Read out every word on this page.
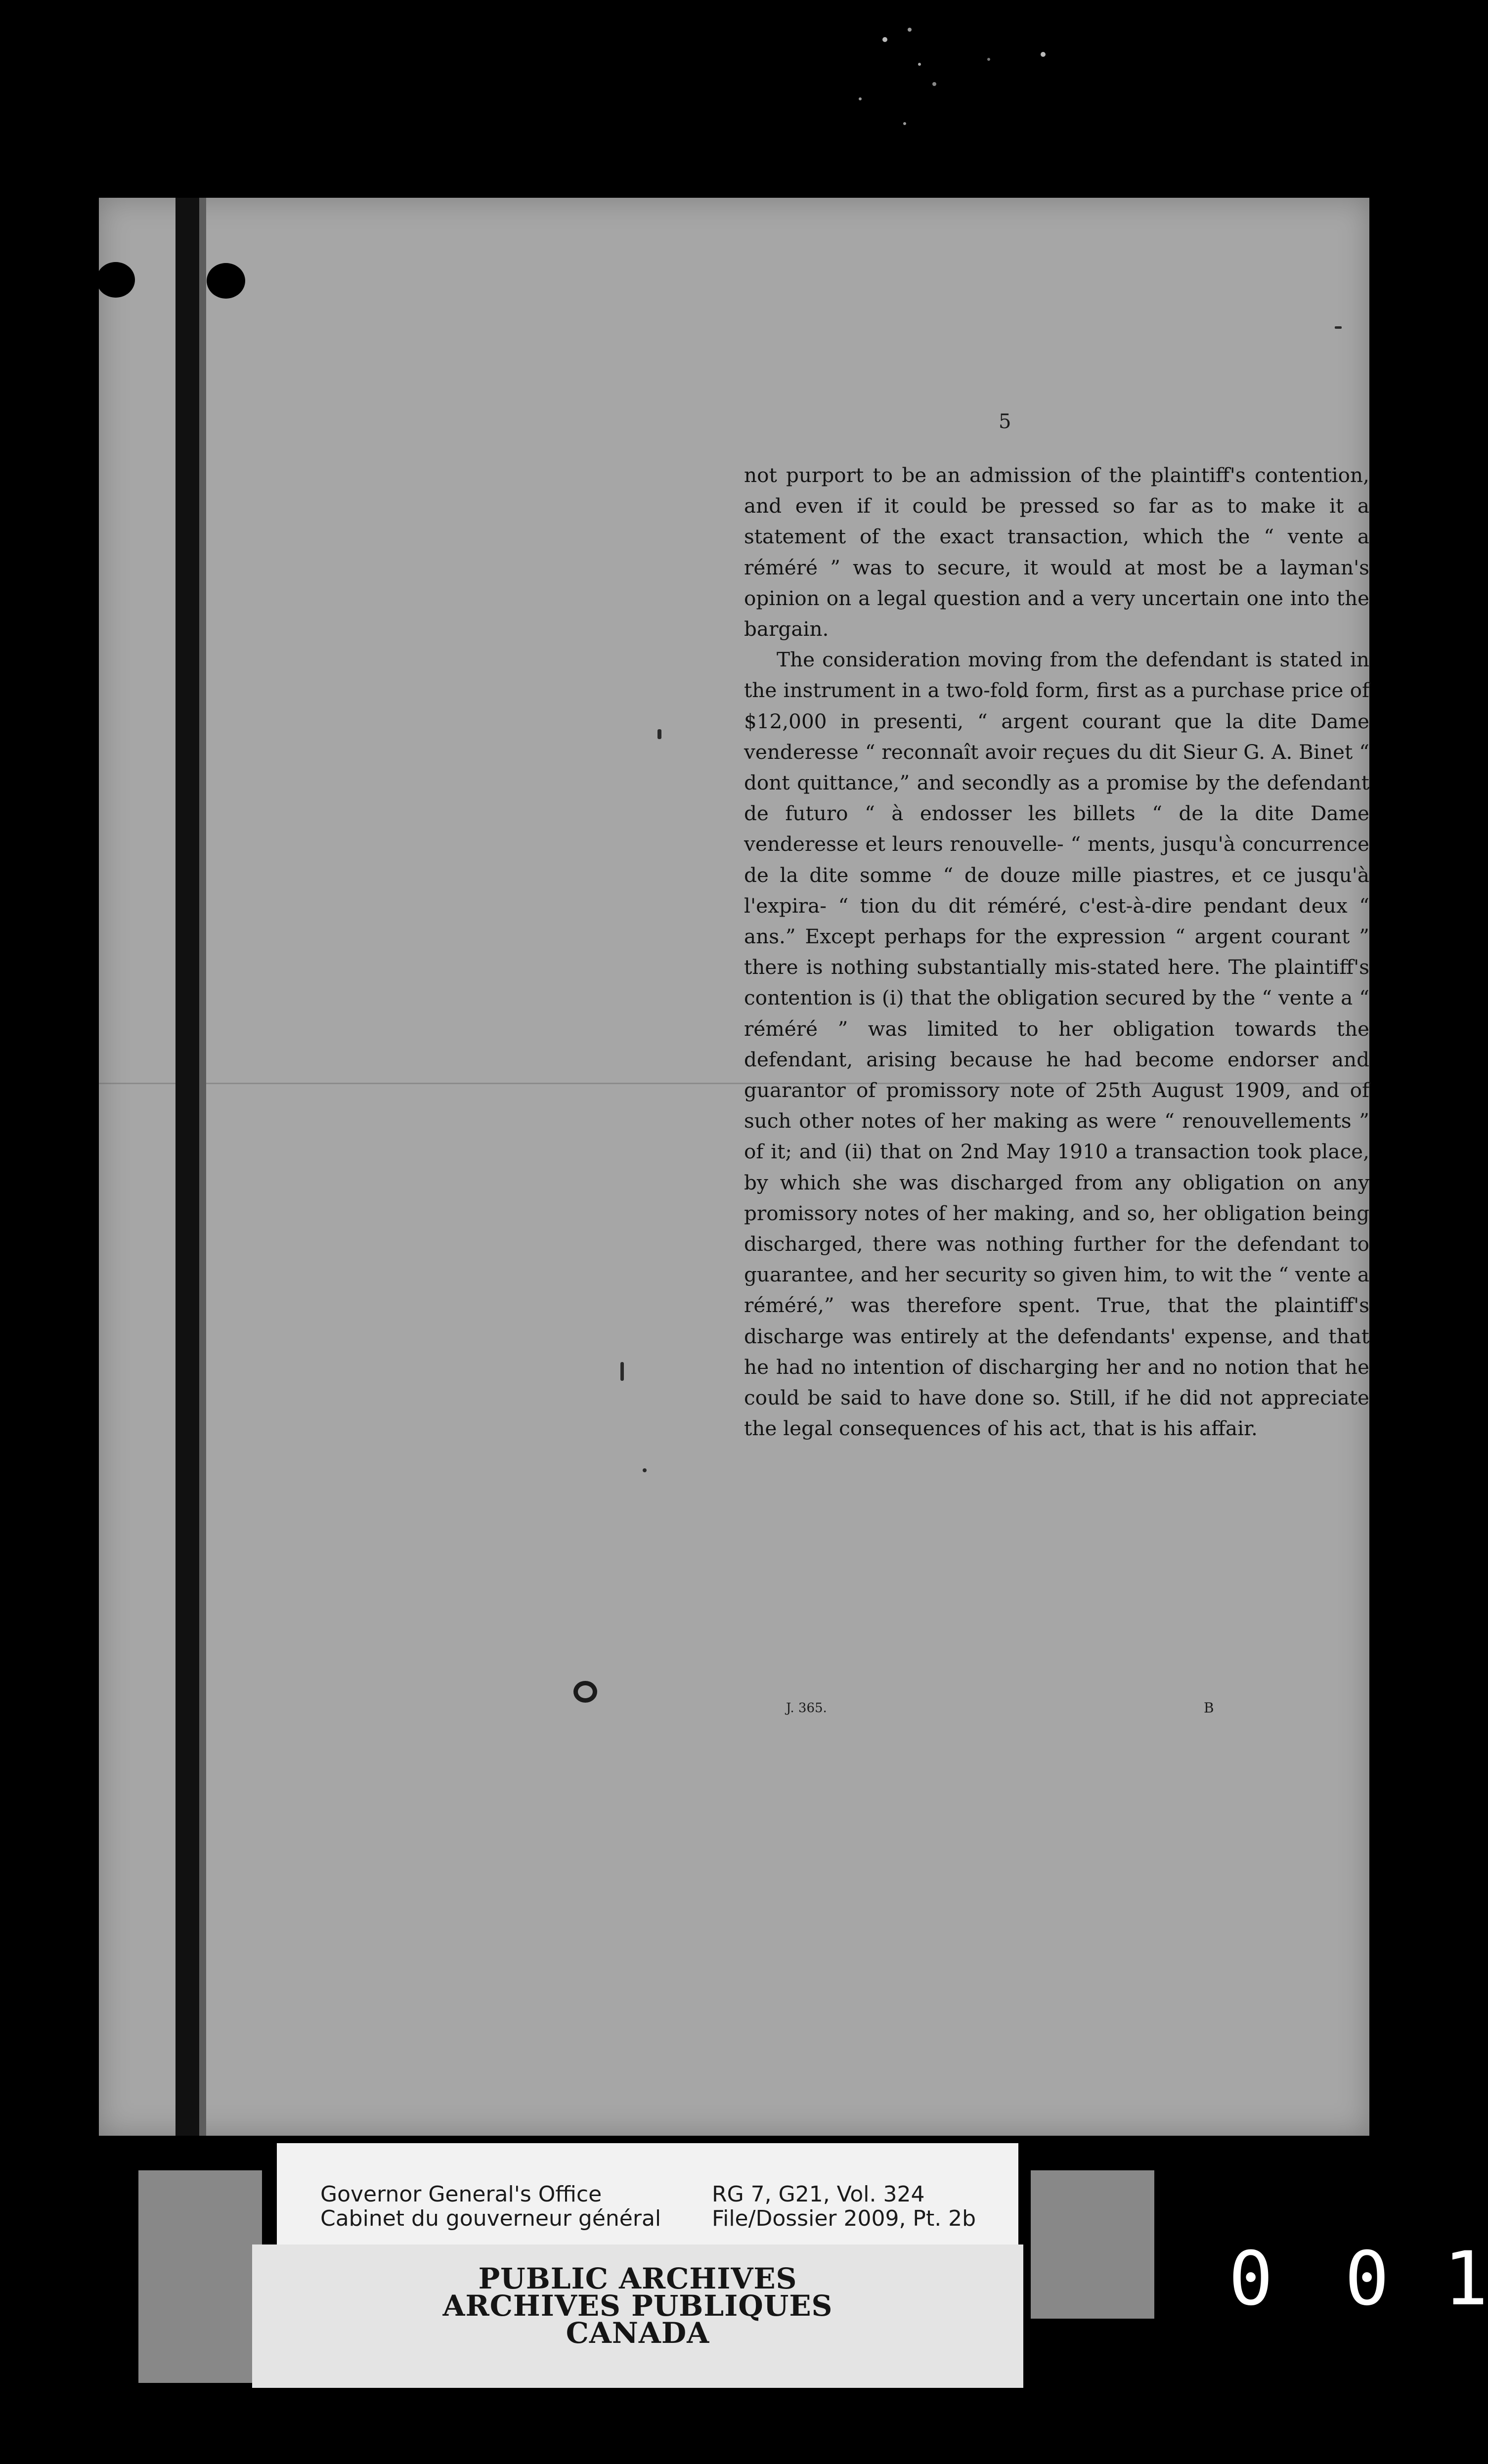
5

not purport to be an admission of the plaintiff's contention, and even if it could be pressed so far as to make it a statement of the exact transaction, which the “ vente a réméré ” was to secure, it would at most be a layman's opinion on a legal question and a very uncertain one into the bargain.

The consideration moving from the defendant is stated in the instrument in a two-fold form, first as a purchase price of $12,000 in presenti, “ argent courant que la dite Dame venderesse “ reconnaît avoir reçues du dit Sieur G. A. Binet “ dont quittance,” and secondly as a promise by the defendant de futuro “ à endosser les billets “ de la dite Dame venderesse et leurs renouvelle- “ ments, jusqu'à concurrence de la dite somme “ de douze mille piastres, et ce jusqu'à l'expira- “ tion du dit réméré, c'est-à-dire pendant deux “ ans.” Except perhaps for the expression “ argent courant ” there is nothing substantially mis-stated here. The plaintiff's contention is (i) that the obligation secured by the “ vente a “ réméré ” was limited to her obligation towards the defendant, arising because he had become endorser and guarantor of promissory note of 25th August 1909, and of such other notes of her making as were “ renouvellements ” of it; and (ii) that on 2nd May 1910 a transaction took place, by which she was discharged from any obligation on any promissory notes of her making, and so, her obligation being discharged, there was nothing further for the defendant to guarantee, and her security so given him, to wit the “ vente a réméré,” was therefore spent. True, that the plaintiff's discharge was entirely at the defendants' expense, and that he had no intention of discharging her and no notion that he could be said to have done so. Still, if he did not appreciate the legal consequences of his act, that is his affair.

J. 365.	B
Governor General's Office
Cabinet du gouverneur général
RG 7, G21, Vol. 324
File/Dossier 2009, Pt. 2b
PUBLIC ARCHIVES
ARCHIVES PUBLIQUES
CANADA
0 0 1
